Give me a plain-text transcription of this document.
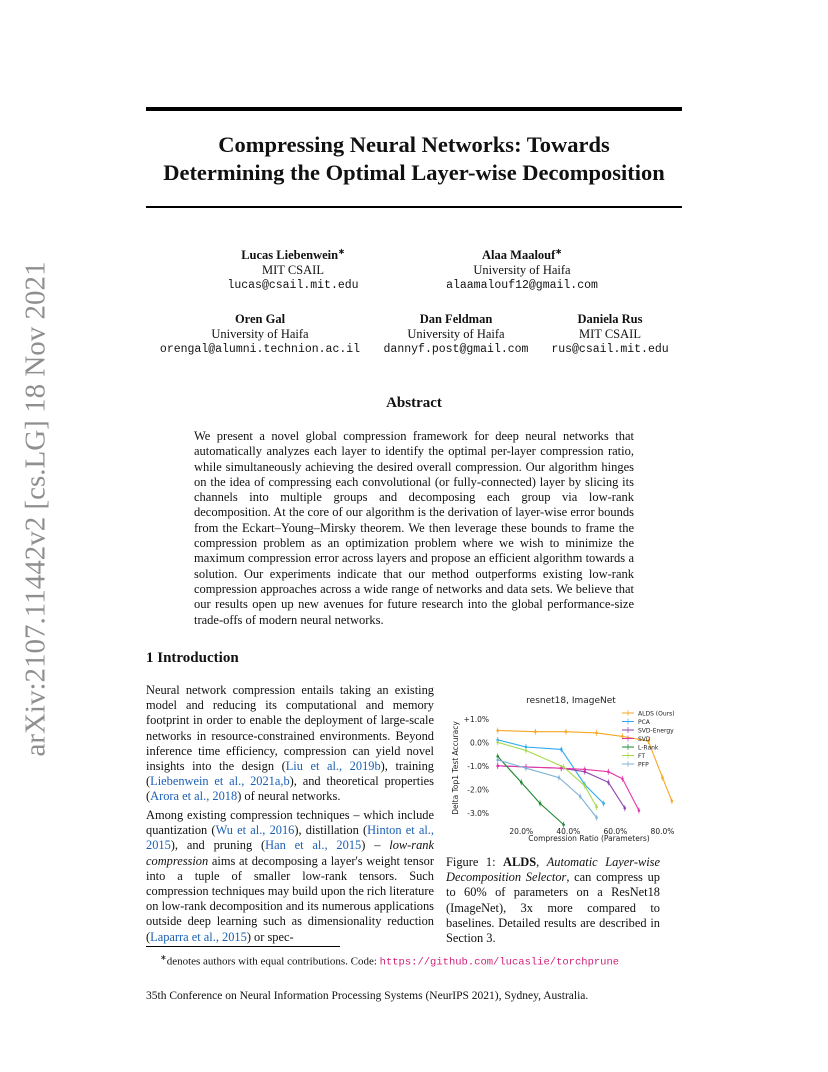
Compressing Neural Networks: Towards
Determining the Optimal Layer-wise Decomposition
arXiv:2107.11442v2 [cs.LG] 18 Nov 2021
Lucas Liebenwein∗
MIT CSAIL
lucas@csail.mit.edu
Alaa Maalouf∗
University of Haifa
alaamalouf12@gmail.com
Oren Gal
University of Haifa
orengal@alumni.technion.ac.il
Dan Feldman
University of Haifa
dannyf.post@gmail.com
Daniela Rus
MIT CSAIL
rus@csail.mit.edu
Abstract

We present a novel global compression framework for deep neural networks that automatically analyzes each layer to identify the optimal per-layer compression ratio, while simultaneously achieving the desired overall compression. Our algorithm hinges on the idea of compressing each convolutional (or fully-connected) layer by slicing its channels into multiple groups and decomposing each group via low-rank decomposition. At the core of our algorithm is the derivation of layer-wise error bounds from the Eckart–Young–Mirsky theorem. We then leverage these bounds to frame the compression problem as an optimization problem where we wish to minimize the maximum compression error across layers and propose an efficient algorithm towards a solution. Our experiments indicate that our method outperforms existing low-rank compression approaches across a wide range of networks and data sets. We believe that our results open up new avenues for future research into the global performance-size trade-offs of modern neural networks.

1 Introduction

Neural network compression entails taking an existing model and reducing its computational and memory footprint in order to enable the deployment of large-scale networks in resource-constrained environments. Beyond inference time efficiency, compression can yield novel insights into the design (Liu et al., 2019b), training (Liebenwein et al., 2021a,b), and theoretical properties (Arora et al., 2018) of neural networks.

Among existing compression techniques – which include quantization (Wu et al., 2016), distillation (Hinton et al., 2015), and pruning (Han et al., 2015) – low-rank compression aims at decomposing a layer's weight tensor into a tuple of smaller low-rank tensors. Such compression techniques may build upon the rich literature on low-rank decomposition and its numerous applications outside deep learning such as dimensionality reduction (Laparra et al., 2015) or spec-

resnet18, ImageNet
Delta Top1 Test Accuracy
Compression Ratio (Parameters)
+1.0%
0.0%
-1.0%
-2.0%
-3.0%
20.0%	40.0%	60.0%	80.0%
ALDS (Ours)
PCA
SVD-Energy
SVD
L-Rank
FT
PFP

Figure 1: ALDS, Automatic Layer-wise Decomposition Selector, can compress up to 60% of parameters on a ResNet18 (ImageNet), 3x more compared to baselines. Detailed results are described in Section 3.

∗denotes authors with equal contributions. Code: https://github.com/lucaslie/torchprune

35th Conference on Neural Information Processing Systems (NeurIPS 2021), Sydney, Australia.
